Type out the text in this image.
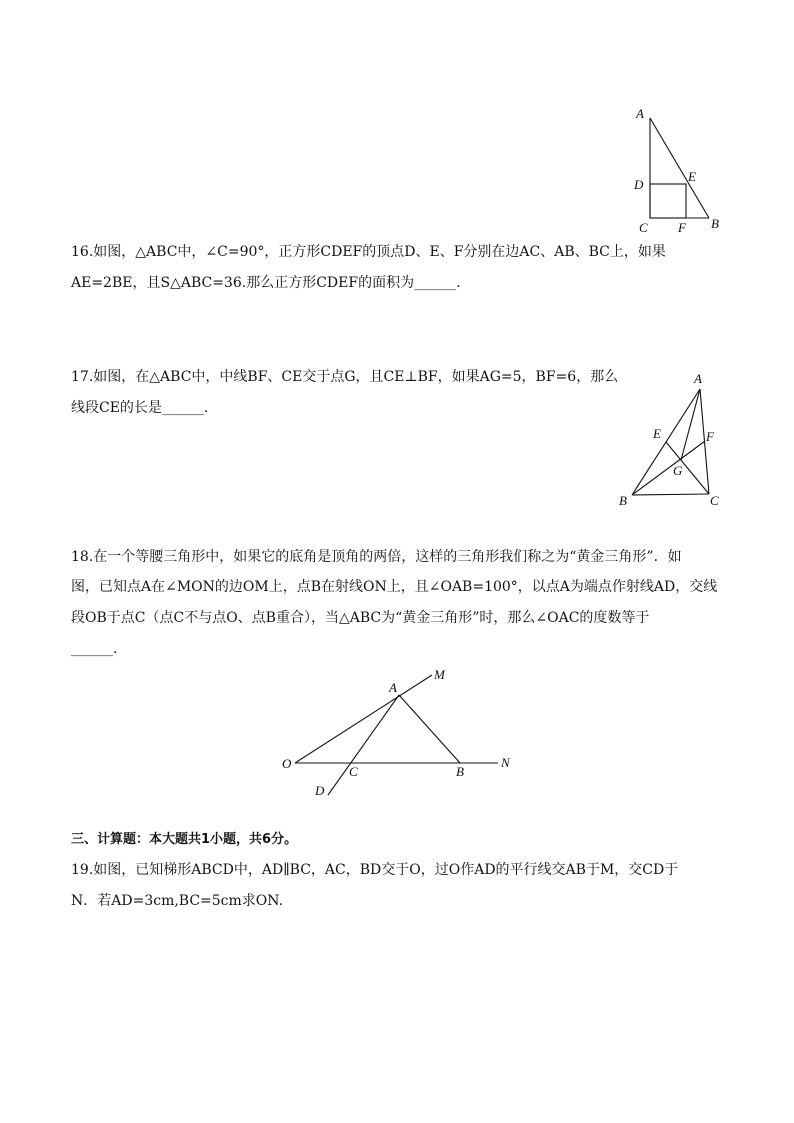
A
D
E
C F B
16.如图，△ABC中，∠C=90°，正方形CDEF的顶点D、E、F分别在边AC、AB、BC上，如果
AE=2BE，且S△ABC=36.那么正方形CDEF的面积为______.
A
E	F
G
B	C
17.如图，在△ABC中，中线BF、CE交于点G，且CE⊥BF，如果AG=5，BF=6，那么
线段CE的长是______.
18.在一个等腰三角形中，如果它的底角是顶角的两倍，这样的三角形我们称之为“黄金三角形”．如
图，已知点A在∠MON的边OM上，点B在射线ON上，且∠OAB=100°，以点A为端点作射线AD，交线
段OB于点C（点C不与点O、点B重合），当△ABC为“黄金三角形”时，那么∠OAC的度数等于
______.
A
M
O
C	B
N
D
三、计算题：本大题共1小题，共6分。
19.如图，已知梯形ABCD中，AD∥BC，AC，BD交于O，过O作AD的平行线交AB于M，交CD于
N．若AD=3cm,BC=5cm求ON.
